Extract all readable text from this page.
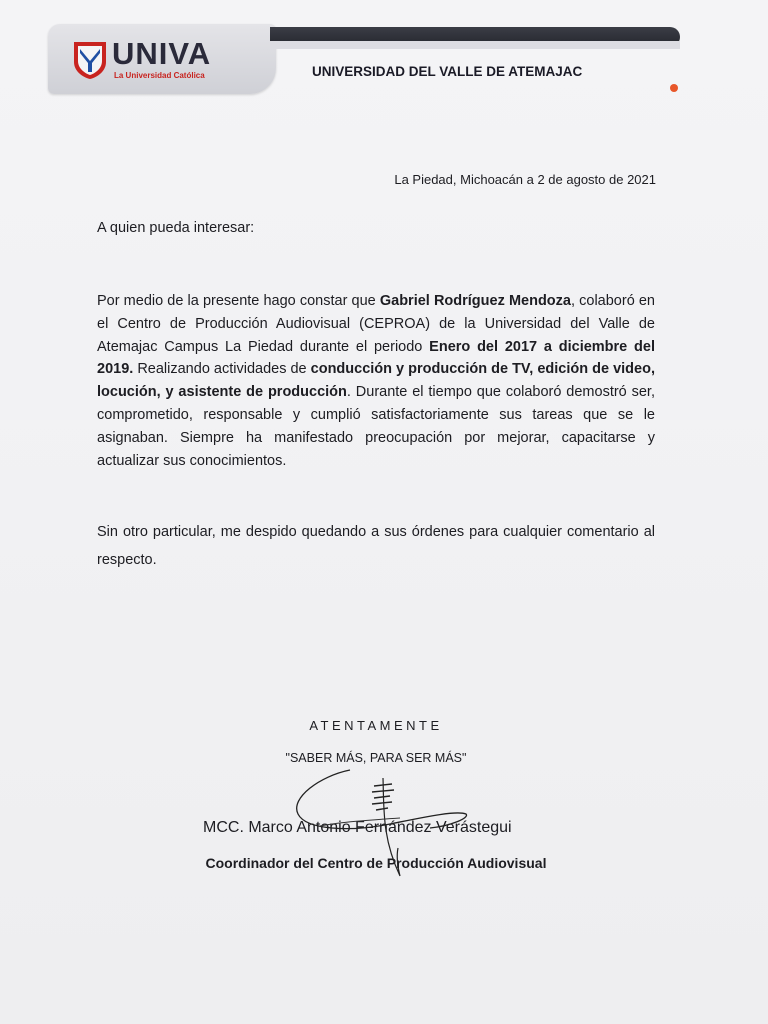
UNIVA
La Universidad Católica	UNIVERSIDAD DEL VALLE DE ATEMAJAC
La Piedad, Michoacán a 2 de agosto de 2021
A quien pueda interesar:
Por medio de la presente hago constar que Gabriel Rodríguez Mendoza, colaboró en el Centro de Producción Audiovisual (CEPROA) de la Universidad del Valle de Atemajac Campus La Piedad durante el periodo Enero del 2017 a diciembre del 2019. Realizando actividades de conducción y producción de TV, edición de video, locución, y asistente de producción. Durante el tiempo que colaboró demostró ser, comprometido, responsable y cumplió satisfactoriamente sus tareas que se le asignaban. Siempre ha manifestado preocupación por mejorar, capacitarse y actualizar sus conocimientos.
Sin otro particular, me despido quedando a sus órdenes para cualquier comentario al respecto.
ATENTAMENTE
"SABER MÁS, PARA SER MÁS"
MCC. Marco Antonio Fernández Verástegui
Coordinador del Centro de Producción Audiovisual
